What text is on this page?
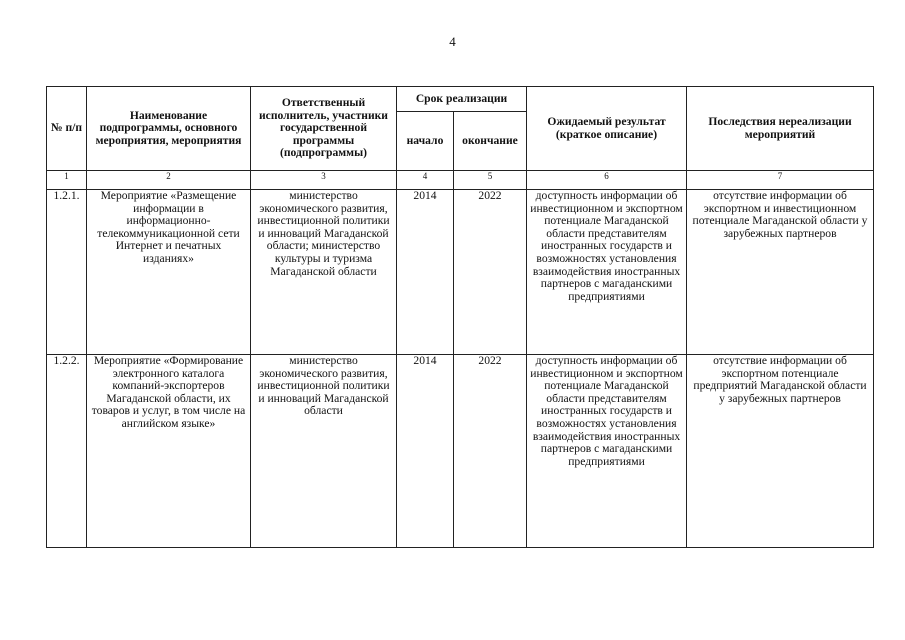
4
№ п/п	Наименование подпрограммы, основного мероприятия, мероприятия	Ответственный исполнитель, участники государственной программы (подпрограммы)	Срок реализации		Ожидаемый результат (краткое описание)	Последствия нереализации мероприятий
			начало	окончание		
1	2	3	4	5	6	7
1.2.1.	Мероприятие «Размещение информации в информационно-телекоммуникационной сети Интернет и печатных изданиях»	министерство экономического развития, инвестиционной политики и инноваций Магаданской области; министерство культуры и туризма Магаданской области	2014	2022	доступность информации об инвестиционном и экспортном потенциале Магаданской области представителям иностранных государств и возможностях установления взаимодействия иностранных партнеров с магаданскими предприятиями	отсутствие информации об экспортном и инвестиционном потенциале Магаданской области у зарубежных партнеров
1.2.2.	Мероприятие «Формирование электронного каталога компаний-экспортеров Магаданской области, их товаров и услуг, в том числе на английском языке»	министерство экономического развития, инвестиционной политики и инноваций Магаданской области	2014	2022	доступность информации об инвестиционном и экспортном потенциале Магаданской области представителям иностранных государств и возможностях установления взаимодействия иностранных партнеров с магаданскими предприятиями	отсутствие информации об экспортном потенциале предприятий Магаданской области у зарубежных партнеров
